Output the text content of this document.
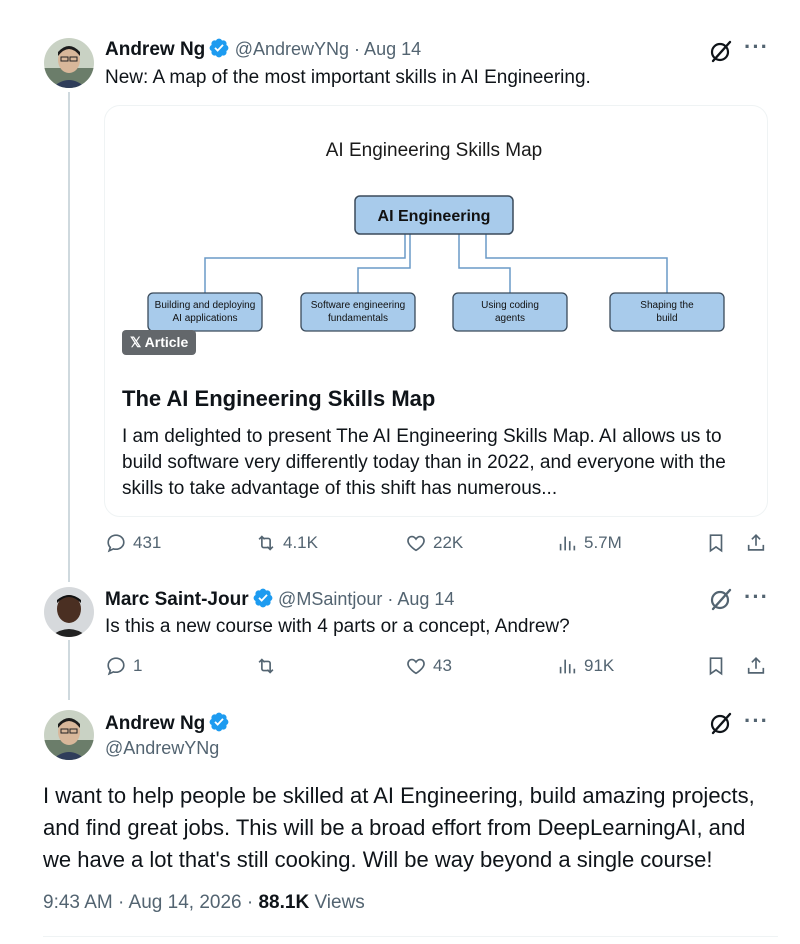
Andrew Ng @AndrewYNg · Aug 14	···
New: A map of the most important skills in AI Engineering.
AI Engineering Skills Map
AI Engineering
Building and deploying
AI applications
Software engineering
fundamentals
Using coding
agents
Shaping the
build
𝕏 Article
The AI Engineering Skills Map
I am delighted to present The AI Engineering Skills Map. AI allows us to build software very differently today than in 2022, and everyone with the skills to take advantage of this shift has numerous...
431	4.1K	22K	5.7M
Marc Saint-Jour @MSaintjour · Aug 14	···
Is this a new course with 4 parts or a concept, Andrew?
1	43	91K
Andrew Ng
@AndrewYNg
···
I want to help people be skilled at AI Engineering, build amazing projects, and find great jobs. This will be a broad effort from DeepLearningAI, and we have a lot that's still cooking. Will be way beyond a single course!
9:43 AM · Aug 14, 2026 · 88.1K Views
